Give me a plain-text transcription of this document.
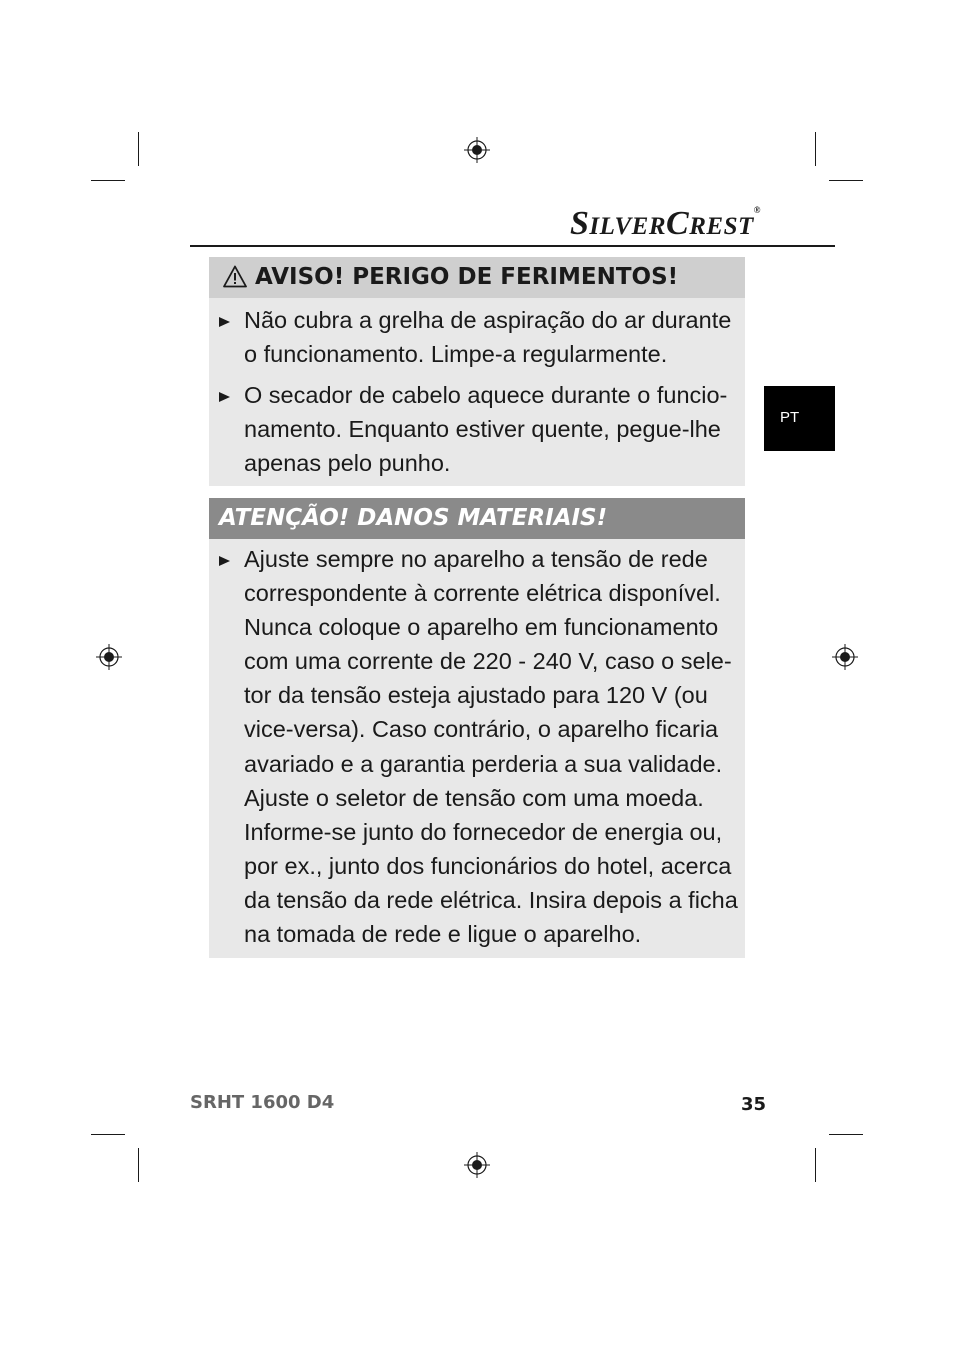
SILVERCREST®
PT
AVISO! PERIGO DE FERIMENTOS!
Não cubra a grelha de aspiração do ar durante o funcionamento. Limpe-a regularmente.
O secador de cabelo aquece durante o funcio-namento. Enquanto estiver quente, pegue-lhe apenas pelo punho.
ATENÇÃO! DANOS MATERIAIS!
Ajuste sempre no aparelho a tensão de rede correspondente à corrente elétrica disponível. Nunca coloque o aparelho em funcionamento com uma corrente de 220 - 240 V, caso o sele-tor da tensão esteja ajustado para 120 V (ou vice-versa). Caso contrário, o aparelho ficaria avariado e a garantia perderia a sua validade. Ajuste o seletor de tensão com uma moeda. Informe-se junto do fornecedor de energia ou, por ex., junto dos funcionários do hotel, acerca da tensão da rede elétrica. Insira depois a ficha na tomada de rede e ligue o aparelho.
SRHT 1600 D4	35
